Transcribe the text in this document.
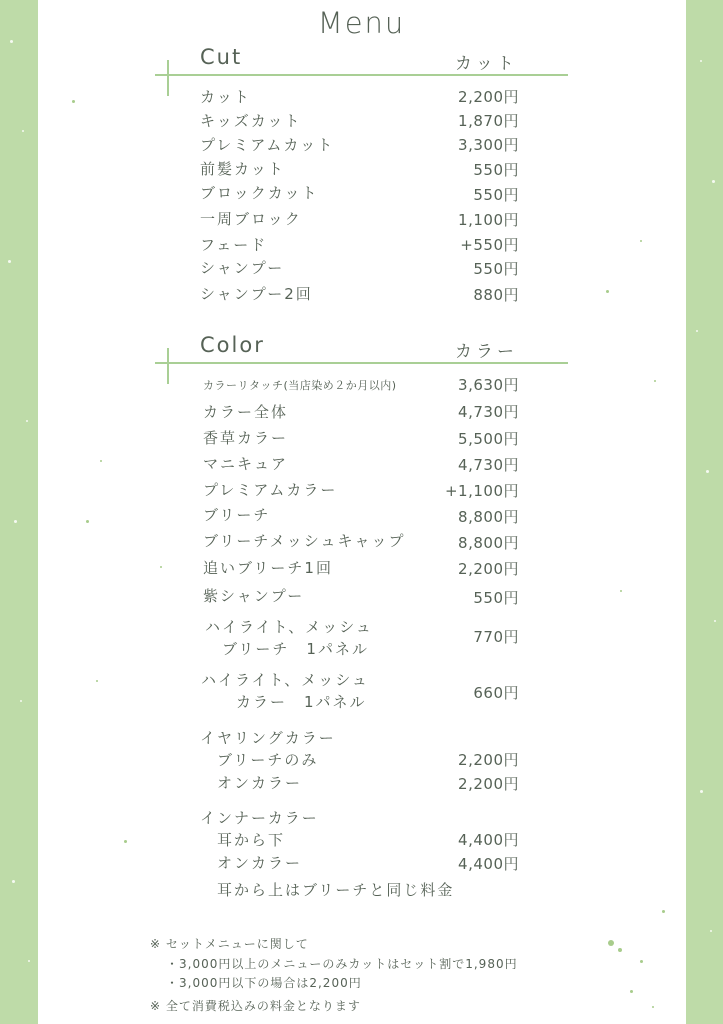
Menu
Cut	カット
カット	2,200円
キッズカット	1,870円
プレミアムカット	3,300円
前髪カット	550円
ブロックカット	550円
一周ブロック	1,100円
フェード	+550円
シャンプー	550円
シャンプー2回	880円
Color	カラー
カラーリタッチ(当店染め２か月以内)	3,630円
カラー全体	4,730円
香草カラー	5,500円
マニキュア	4,730円
プレミアムカラー	+1,100円
ブリーチ	8,800円
ブリーチメッシュキャップ	8,800円
追いブリーチ1回	2,200円
紫シャンプー	550円
ハイライト、メッシュ
ブリーチ　1パネル
770円
ハイライト、メッシュ
カラー　1パネル	660円
イヤリングカラー
ブリーチのみ	2,200円
オンカラー	2,200円
インナーカラー
耳から下	4,400円
オンカラー	4,400円
耳から上はブリーチと同じ料金
※ セットメニューに関して
・3,000円以上のメニューのみカットはセット割で1,980円
・3,000円以下の場合は2,200円
※ 全て消費税込みの料金となります
